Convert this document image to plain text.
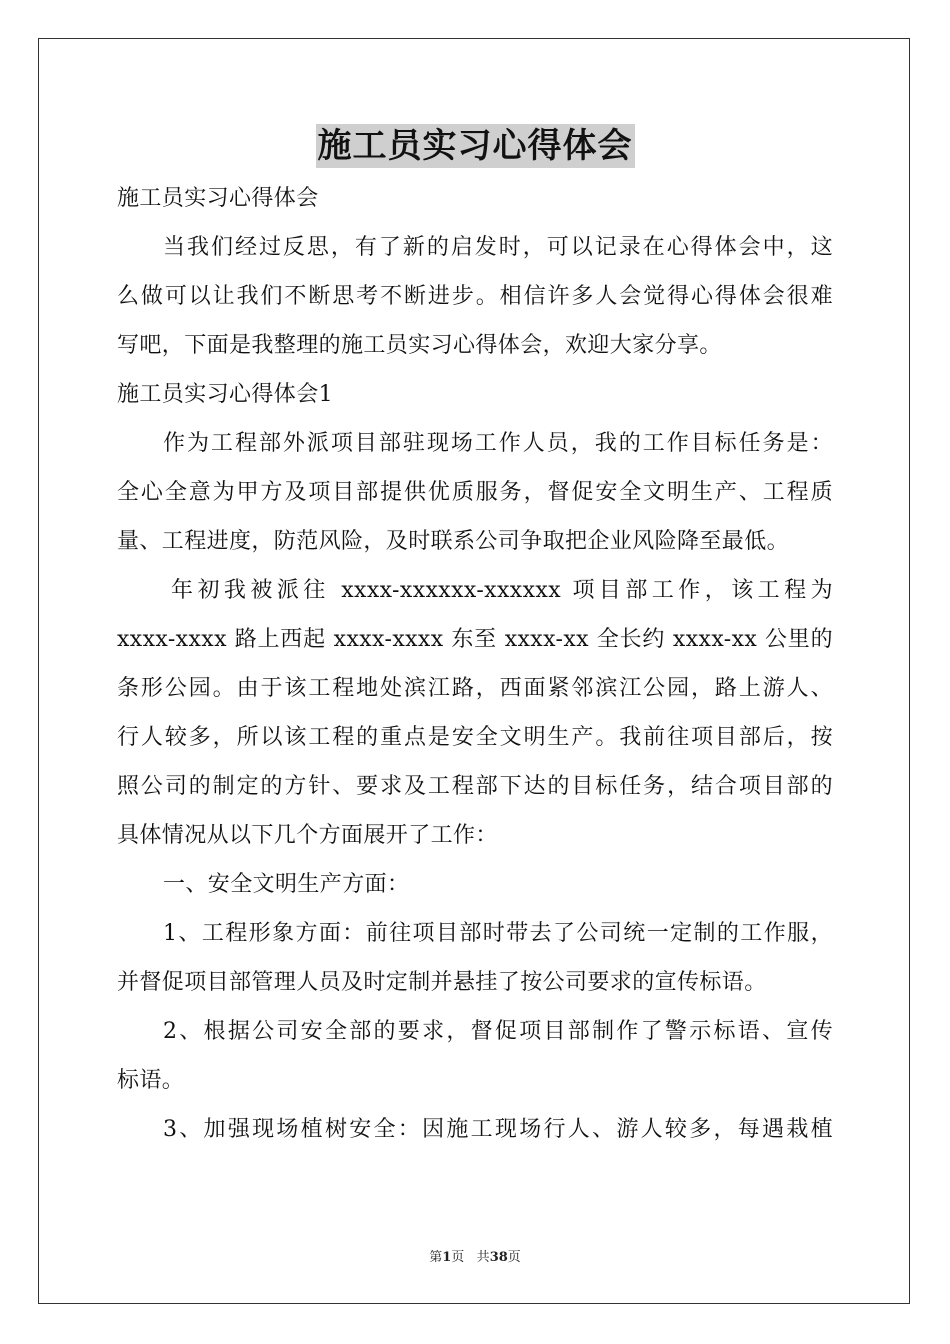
施工员实习心得体会
施工员实习心得体会
当我们经过反思，有了新的启发时，可以记录在心得体会中，这
么做可以让我们不断思考不断进步。相信许多人会觉得心得体会很难
写吧，下面是我整理的施工员实习心得体会，欢迎大家分享。
施工员实习心得体会1
作为工程部外派项目部驻现场工作人员，我的工作目标任务是：
全心全意为甲方及项目部提供优质服务，督促安全文明生产、工程质
量、工程进度，防范风险，及时联系公司争取把企业风险降至最低。
年初我被派往 xxxx-xxxxxx-xxxxxx 项目部工作，该工程为
xxxx-xxxx 路上西起 xxxx-xxxx 东至 xxxx-xx 全长约 xxxx-xx 公里的
条形公园。由于该工程地处滨江路，西面紧邻滨江公园，路上游人、
行人较多，所以该工程的重点是安全文明生产。我前往项目部后，按
照公司的制定的方针、要求及工程部下达的目标任务，结合项目部的
具体情况从以下几个方面展开了工作：
一、安全文明生产方面：
1、工程形象方面：前往项目部时带去了公司统一定制的工作服，
并督促项目部管理人员及时定制并悬挂了按公司要求的宣传标语。
2、根据公司安全部的要求，督促项目部制作了警示标语、宣传
标语。
3、加强现场植树安全：因施工现场行人、游人较多，每遇栽植
第1页 共38页
